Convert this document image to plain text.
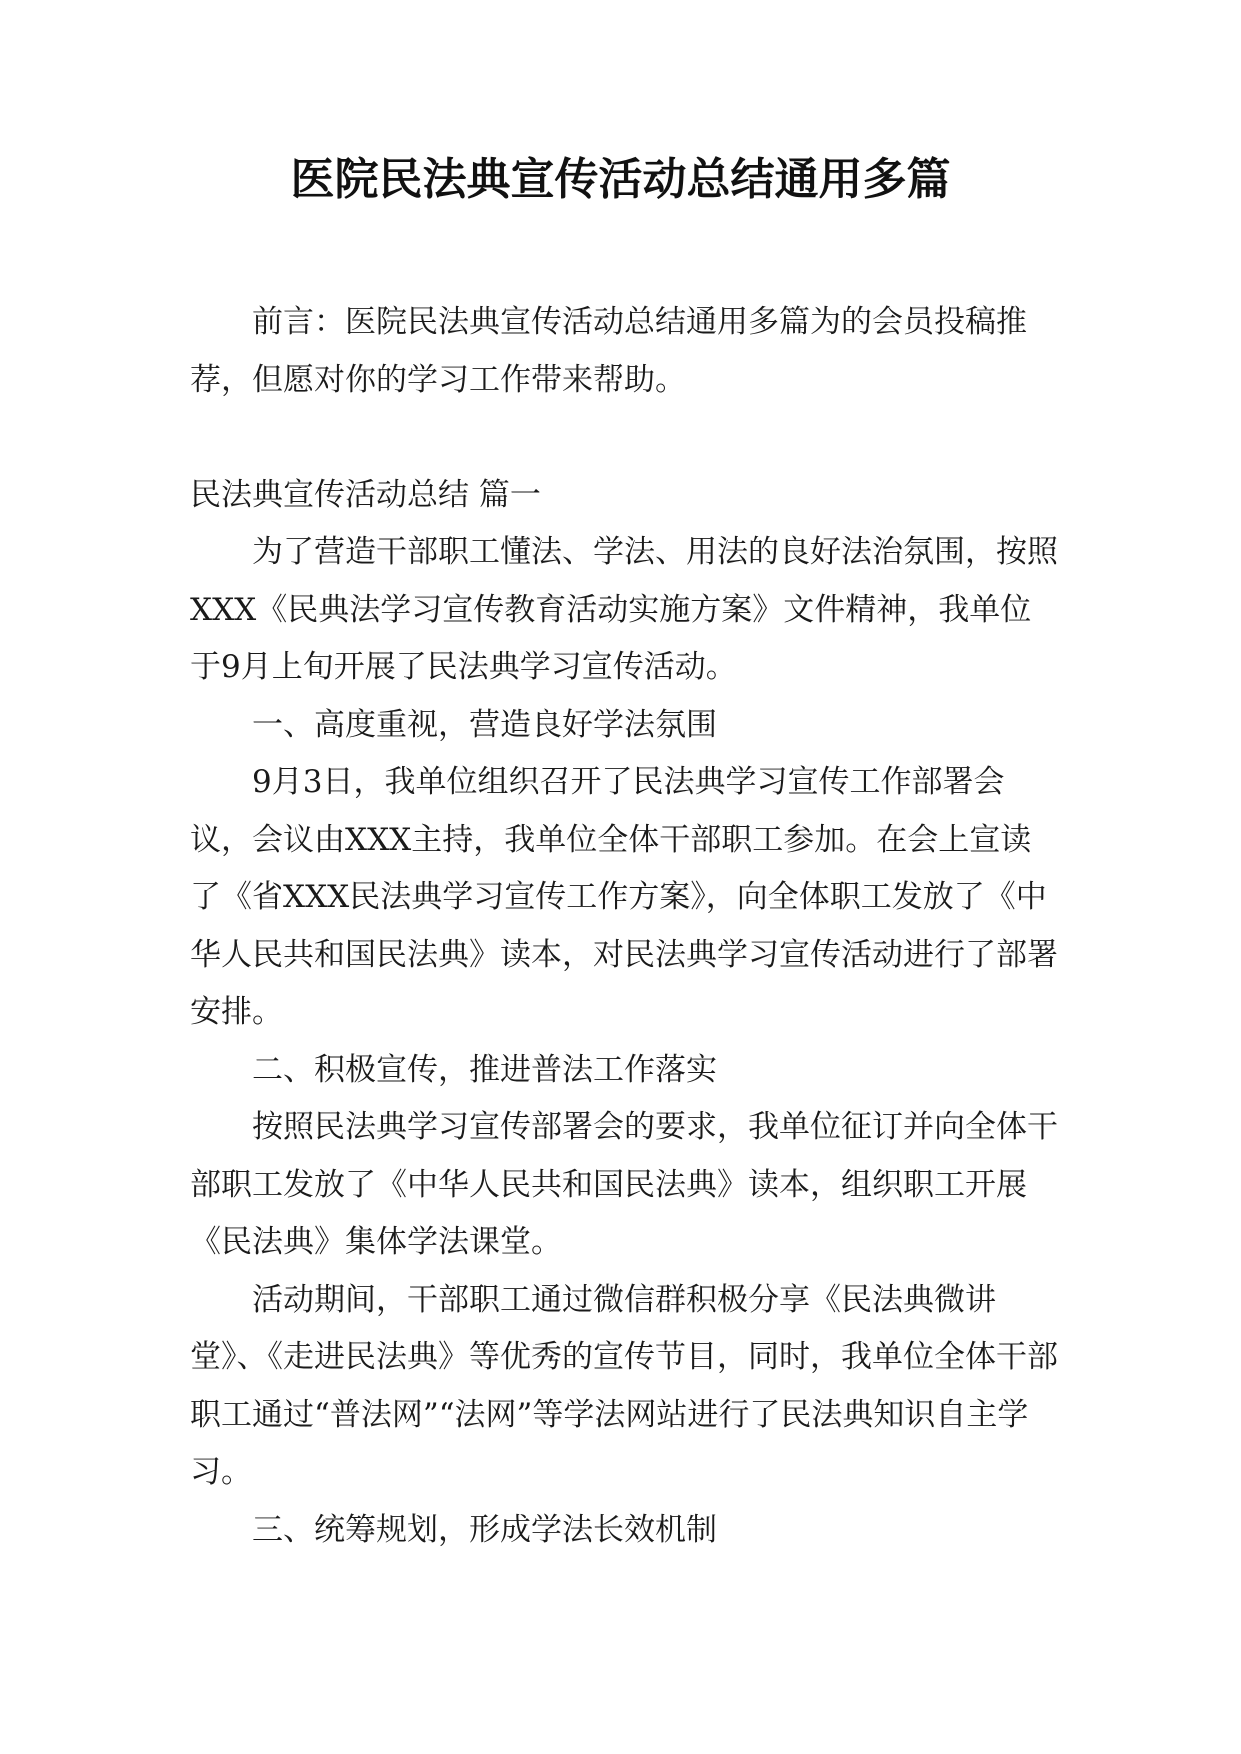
医院民法典宣传活动总结通用多篇

前言：医院民法典宣传活动总结通用多篇为的会员投稿推荐，但愿对你的学习工作带来帮助。

民法典宣传活动总结 篇一

为了营造干部职工懂法、学法、用法的良好法治氛围，按照XXX《民典法学习宣传教育活动实施方案》文件精神，我单位于9月上旬开展了民法典学习宣传活动。

一、高度重视，营造良好学法氛围

9月3日，我单位组织召开了民法典学习宣传工作部署会议，会议由XXX主持，我单位全体干部职工参加。在会上宣读了《省XXX民法典学习宣传工作方案》，向全体职工发放了《中华人民共和国民法典》读本，对民法典学习宣传活动进行了部署安排。

二、积极宣传，推进普法工作落实

按照民法典学习宣传部署会的要求，我单位征订并向全体干部职工发放了《中华人民共和国民法典》读本，组织职工开展《民法典》集体学法课堂。

活动期间，干部职工通过微信群积极分享《民法典微讲堂》、《走进民法典》等优秀的宣传节目，同时，我单位全体干部职工通过“普法网”“法网”等学法网站进行了民法典知识自主学习。

三、统筹规划，形成学法长效机制
